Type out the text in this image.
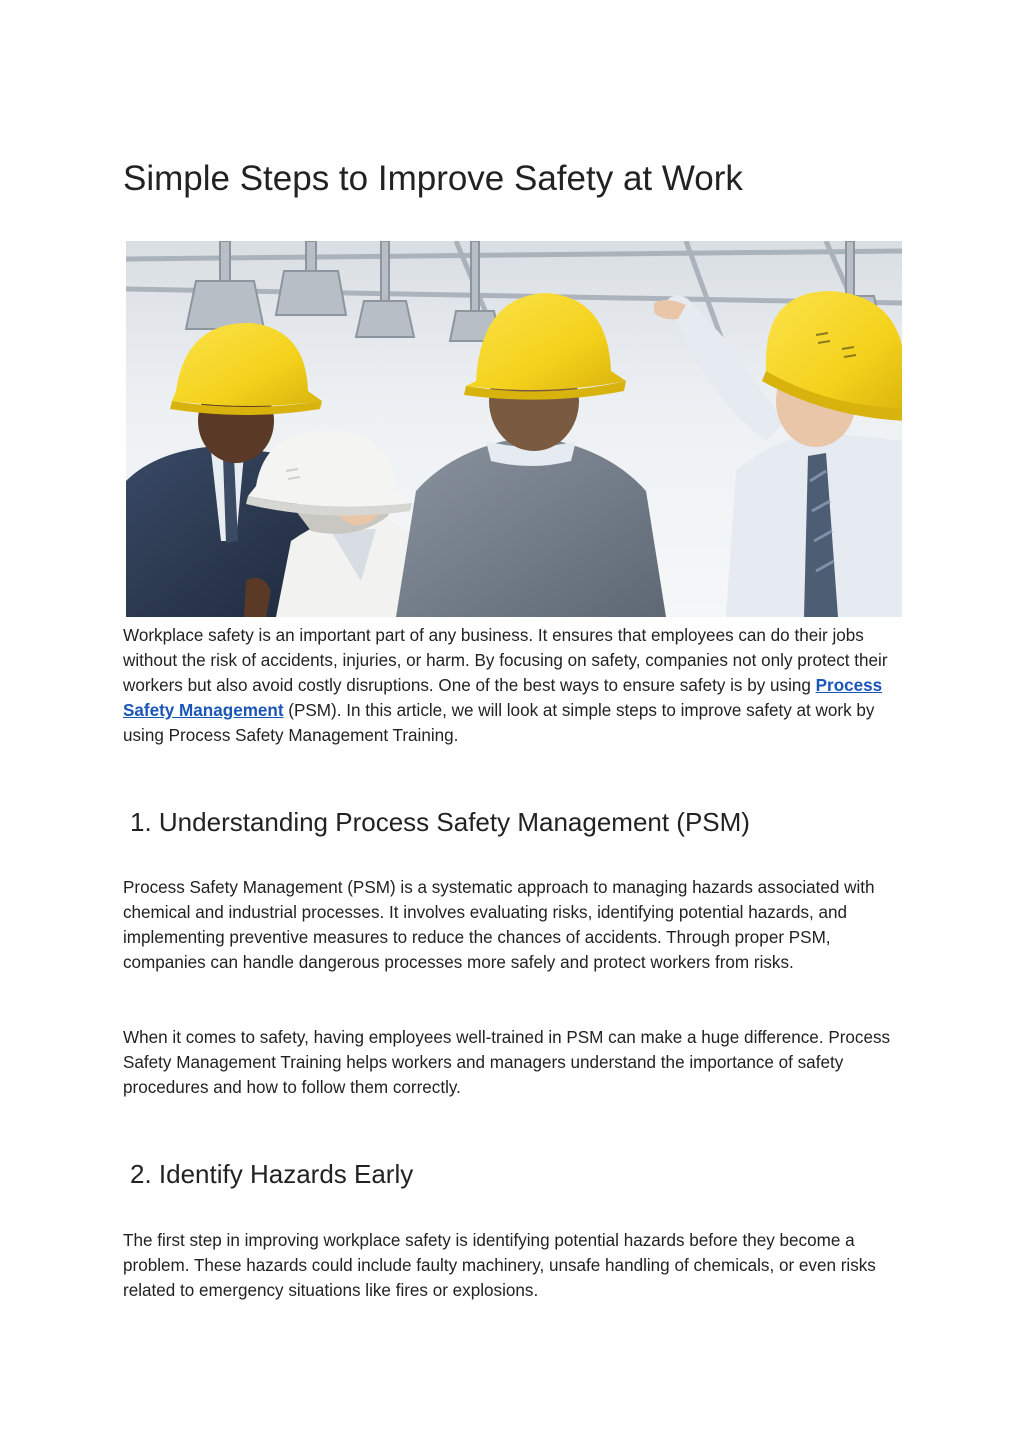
Simple Steps to Improve Safety at Work

Workplace safety is an important part of any business. It ensures that employees can do their jobs without the risk of accidents, injuries, or harm. By focusing on safety, companies not only protect their workers but also avoid costly disruptions. One of the best ways to ensure safety is by using Process Safety Management (PSM). In this article, we will look at simple steps to improve safety at work by using Process Safety Management Training.

1. Understanding Process Safety Management (PSM)

Process Safety Management (PSM) is a systematic approach to managing hazards associated with chemical and industrial processes. It involves evaluating risks, identifying potential hazards, and implementing preventive measures to reduce the chances of accidents. Through proper PSM, companies can handle dangerous processes more safely and protect workers from risks.

When it comes to safety, having employees well-trained in PSM can make a huge difference. Process Safety Management Training helps workers and managers understand the importance of safety procedures and how to follow them correctly.

2. Identify Hazards Early

The first step in improving workplace safety is identifying potential hazards before they become a problem. These hazards could include faulty machinery, unsafe handling of chemicals, or even risks related to emergency situations like fires or explosions.
